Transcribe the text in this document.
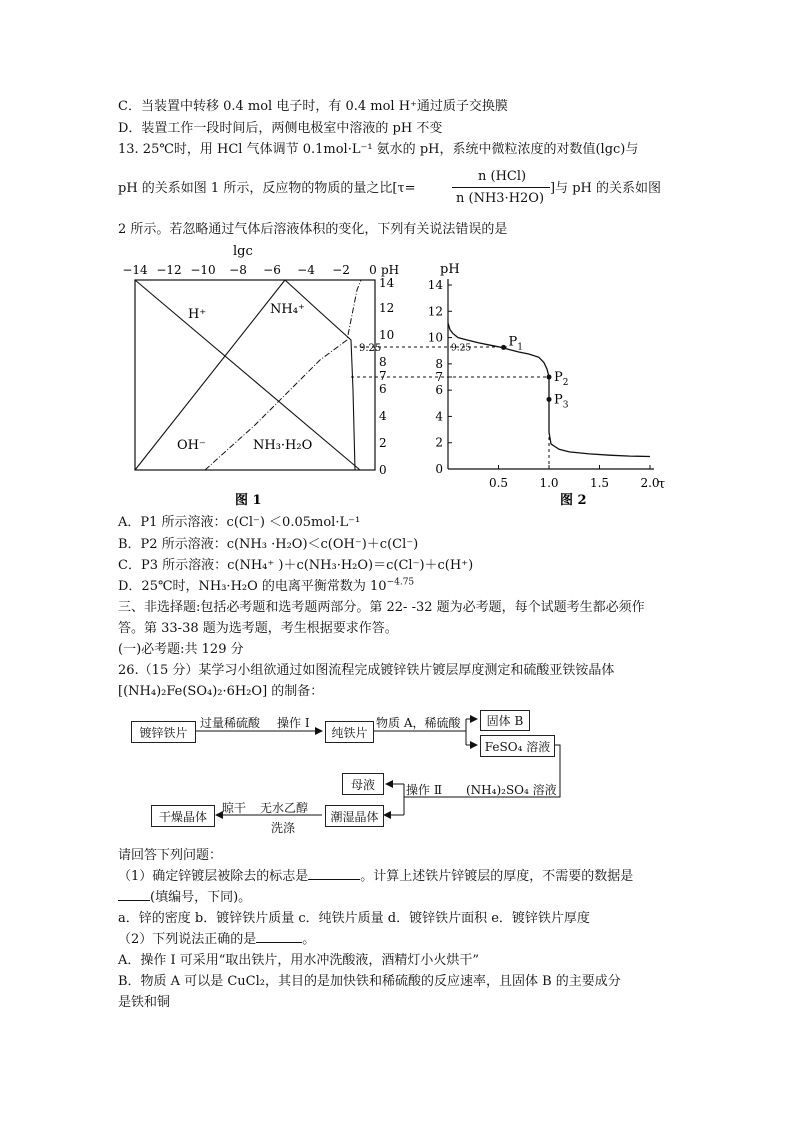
C．当装置中转移 0.4 mol 电子时，有 0.4 mol H⁺通过质子交换膜
D．装置工作一段时间后，两侧电极室中溶液的 pH 不变
13. 25℃时，用 HCl 气体调节 0.1mol·L⁻¹ 氨水的 pH，系统中微粒浓度的对数值(lgc)与
pH 的关系如图 1 所示，反应物的物质的量之比[τ=
n (HCl)
n (NH3·H2O)
]与 pH 的关系如图
2 所示。若忽略通过气体后溶液体积的变化，下列有关说法错误的是
lgc
−14 −12 −10 −8 −6 −4 −2 0 pH
14
12
10
8
6
4
2
0
9.25
7
H⁺	NH₄⁺
OH⁻	NH₃·H₂O
图 1
pH
τ
14
12
10
8
7
6
4
2
0
9.25
0.5	1.0	1.5	2.0
$P_1$
$P_2$
$P_3$
图 2
A．P1 所示溶液：c(Cl⁻) ＜0.05mol·L⁻¹
B．P2 所示溶液：c(NH₃ ·H₂O)＜c(OH⁻)＋c(Cl⁻)
C．P3 所示溶液：c(NH₄⁺ )＋c(NH₃·H₂O)＝c(Cl⁻)＋c(H⁺)
D．25℃时，NH₃·H₂O 的电离平衡常数为 $10^{-4.75}$
三、非选择题:包括必考题和选考题两部分。第 22- -32 题为必考题，每个试题考生都必须作
答。第 33-38 题为选考题，考生根据要求作答。
(一)必考题:共 129 分
26.（15 分）某学习小组欲通过如图流程完成镀锌铁片镀层厚度测定和硫酸亚铁铵晶体
[(NH₄)₂Fe(SO₄)₂·6H₂O] 的制备：
镀锌铁片	纯铁片
固体 B
FeSO₄ 溶液
母液
潮湿晶体
干燥晶体
过量稀硫酸 操作 I	物质 A，稀硫酸
操作 Ⅱ (NH₄)₂SO₄ 溶液
晾干 无水乙醇
洗涤
请回答下列问题：
（1）确定锌镀层被除去的标志是	。计算上述铁片锌镀层的厚度，不需要的数据是
(填编号，下同)。
a．锌的密度 b．镀锌铁片质量 c．纯铁片质量 d．镀锌铁片面积 e．镀锌铁片厚度
（2）下列说法正确的是	。
A．操作 I 可采用“取出铁片，用水冲洗酸液，酒精灯小火烘干”
B．物质 A 可以是 CuCl₂，其目的是加快铁和稀硫酸的反应速率，且固体 B 的主要成分
是铁和铜
